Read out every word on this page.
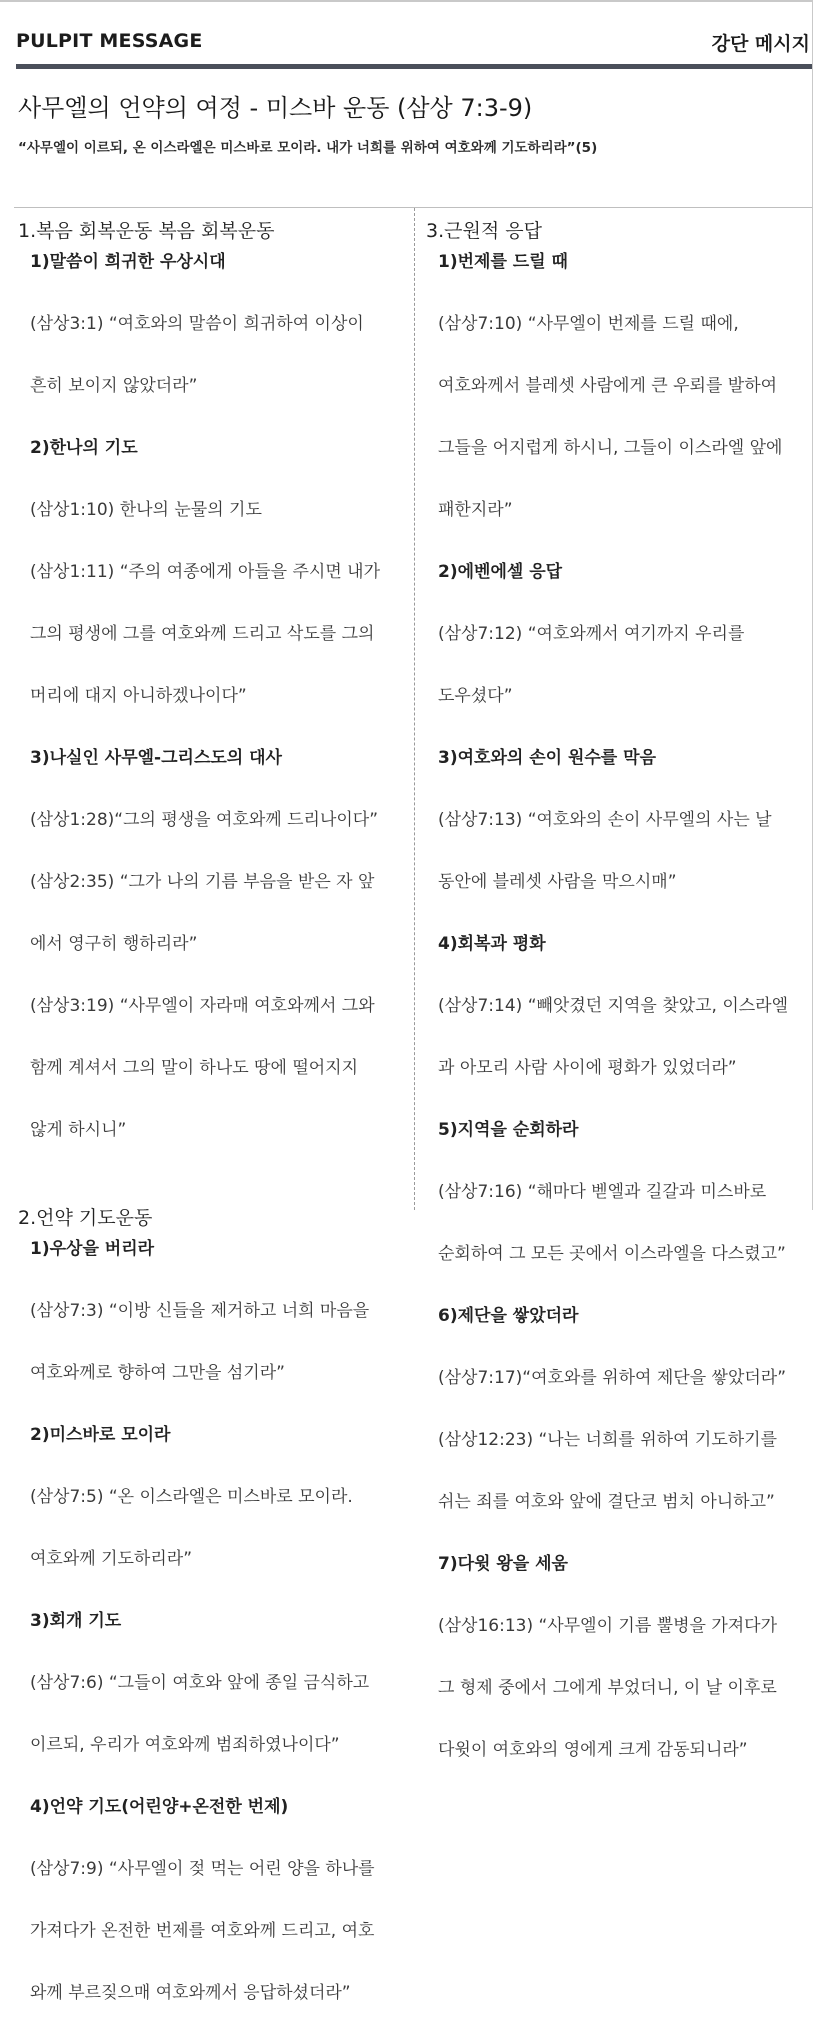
PULPIT MESSAGE	강단 메시지
사무엘의 언약의 여정 - 미스바 운동 (삼상 7:3-9)
“사무엘이 이르되, 온 이스라엘은 미스바로 모이라. 내가 너희를 위하여 여호와께 기도하리라”(5)
1.복음 회복운동 복음 회복운동
1)말씀이 희귀한 우상시대

(삼상3:1) “여호와의 말씀이 희귀하여 이상이

흔히 보이지 않았더라”

2)한나의 기도

(삼상1:10) 한나의 눈물의 기도

(삼상1:11) “주의 여종에게 아들을 주시면 내가

그의 평생에 그를 여호와께 드리고 삭도를 그의

머리에 대지 아니하겠나이다”

3)나실인 사무엘-그리스도의 대사

(삼상1:28)“그의 평생을 여호와께 드리나이다”

(삼상2:35) “그가 나의 기름 부음을 받은 자 앞

에서 영구히 행하리라”

(삼상3:19) “사무엘이 자라매 여호와께서 그와

함께 계셔서 그의 말이 하나도 땅에 떨어지지

않게 하시니”

2.언약 기도운동
1)우상을 버리라

(삼상7:3) “이방 신들을 제거하고 너희 마음을

여호와께로 향하여 그만을 섬기라”

2)미스바로 모이라

(삼상7:5) “온 이스라엘은 미스바로 모이라.

여호와께 기도하리라”

3)회개 기도

(삼상7:6) “그들이 여호와 앞에 종일 금식하고

이르되, 우리가 여호와께 범죄하였나이다”

4)언약 기도(어린양+온전한 번제)

(삼상7:9) “사무엘이 젖 먹는 어린 양을 하나를

가져다가 온전한 번제를 여호와께 드리고, 여호

와께 부르짖으매 여호와께서 응답하셨더라”

3.근원적 응답
1)번제를 드릴 때

(삼상7:10) “사무엘이 번제를 드릴 때에,

여호와께서 블레셋 사람에게 큰 우뢰를 발하여

그들을 어지럽게 하시니, 그들이 이스라엘 앞에

패한지라”

2)에벤에셀 응답

(삼상7:12) “여호와께서 여기까지 우리를

도우셨다”

3)여호와의 손이 원수를 막음

(삼상7:13) “여호와의 손이 사무엘의 사는 날

동안에 블레셋 사람을 막으시매”

4)회복과 평화

(삼상7:14) “빼앗겼던 지역을 찾았고, 이스라엘

과 아모리 사람 사이에 평화가 있었더라”

5)지역을 순회하라

(삼상7:16) “해마다 벧엘과 길갈과 미스바로

순회하여 그 모든 곳에서 이스라엘을 다스렸고”

6)제단을 쌓았더라

(삼상7:17)“여호와를 위하여 제단을 쌓았더라”

(삼상12:23) “나는 너희를 위하여 기도하기를

쉬는 죄를 여호와 앞에 결단코 범치 아니하고”

7)다윗 왕을 세움

(삼상16:13) “사무엘이 기름 뿔병을 가져다가

그 형제 중에서 그에게 부었더니, 이 날 이후로

다윗이 여호와의 영에게 크게 감동되니라”
